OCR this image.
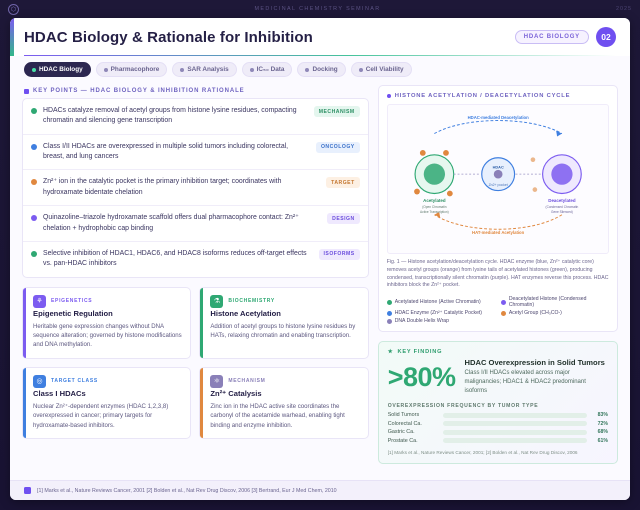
⬡	MEDICINAL CHEMISTRY SEMINAR	2025
HDAC Biology & Rationale for Inhibition	HDAC BIOLOGY	02
HDAC Biology	Pharmacophore	SAR Analysis	IC₅₀ Data	Docking	Cell Viability
KEY POINTS — HDAC BIOLOGY & INHIBITION RATIONALE
HDACs catalyze removal of acetyl groups from histone lysine residues, compacting chromatin and silencing gene transcription
MECHANISM
Class I/II HDACs are overexpressed in multiple solid tumors including colorectal, breast, and lung cancers
ONCOLOGY
Zn²⁺ ion in the catalytic pocket is the primary inhibition target; coordinates with hydroxamate bidentate chelation
TARGET
Quinazoline–triazole hydroxamate scaffold offers dual pharmacophore contact: Zn²⁺ chelation + hydrophobic cap binding
DESIGN
Selective inhibition of HDAC1, HDAC6, and HDAC8 isoforms reduces off-target effects vs. pan-HDAC inhibitors
ISOFORMS
⚘	EPIGENETICS
Epigenetic Regulation
Heritable gene expression changes without DNA sequence alteration; governed by histone modifications and DNA methylation.
⚗	BIOCHEMISTRY
Histone Acetylation
Addition of acetyl groups to histone lysine residues by HATs, relaxing chromatin and enabling transcription.
◎	TARGET CLASS
Class I HDACs
Nuclear Zn²⁺-dependent enzymes (HDAC 1,2,3,8) overexpressed in cancer; primary targets for hydroxamate-based inhibitors.
⚛	MECHANISM
Zn²⁺ Catalysis
Zinc ion in the HDAC active site coordinates the carbonyl of the acetamide warhead, enabling tight binding and enzyme inhibition.
HISTONE ACETYLATION / DEACETYLATION CYCLE
HDAC-mediated Deacetylation
HDAC
Zn2+ pocket
Acetylated
(Open Chromatin
Active Transcription)
Deacetylated
(Condensed Chromatin
Gene Silenced)
HAT-mediated Acetylation
Fig. 1 — Histone acetylation/deacetylation cycle. HDAC enzyme (blue, Zn²⁺ catalytic core) removes acetyl groups (orange) from lysine tails of acetylated histones (green), producing condensed, transcriptionally silent chromatin (purple). HAT enzymes reverse this process. HDAC inhibitors block the Zn²⁺ pocket.
Acetylated Histone (Active Chromatin)	Deacetylated Histone (Condensed Chromatin)
HDAC Enzyme (Zn²⁺ Catalytic Pocket)	Acetyl Group (CH₃CO-)
DNA Double Helix Wrap
★ KEY FINDING
>80% HDAC Overexpression in Solid Tumors
Class I/II HDACs elevated across major malignancies; HDAC1 & HDAC2 predominant isoforms
OVEREXPRESSION FREQUENCY BY TUMOR TYPE
Solid Tumors	83%
Colorectal Ca.	72%
Gastric Ca.	68%
Prostate Ca.	61%
[1] Marks et al., Nature Reviews Cancer, 2001; [2] Bolden et al., Nat Rev Drug Discov, 2006
[1] Marks et al., Nature Reviews Cancer, 2001 [2] Bolden et al., Nat Rev Drug Discov, 2006 [3] Bertrand, Eur J Med Chem, 2010
